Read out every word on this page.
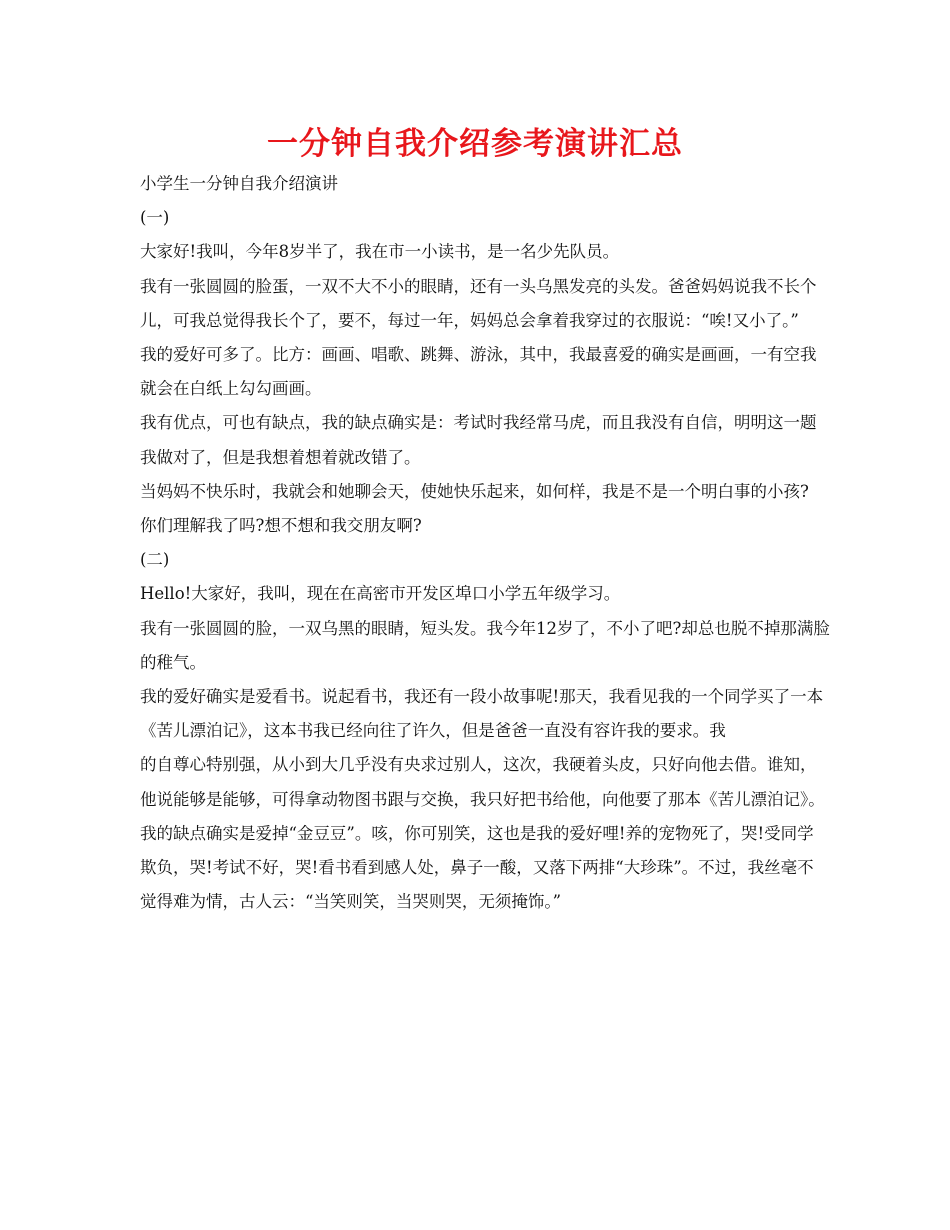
一分钟自我介绍参考演讲汇总

小学生一分钟自我介绍演讲

(一)

大家好!我叫，今年8岁半了，我在市一小读书，是一名少先队员。

我有一张圆圆的脸蛋，一双不大不小的眼睛，还有一头乌黑发亮的头发。爸爸妈妈说我不长个儿，可我总觉得我长个了，要不，每过一年，妈妈总会拿着我穿过的衣服说：“唉!又小了。”

我的爱好可多了。比方：画画、唱歌、跳舞、游泳，其中，我最喜爱的确实是画画，一有空我就会在白纸上勾勾画画。

我有优点，可也有缺点，我的缺点确实是：考试时我经常马虎，而且我没有自信，明明这一题我做对了，但是我想着想着就改错了。

当妈妈不快乐时，我就会和她聊会天，使她快乐起来，如何样，我是不是一个明白事的小孩?

你们理解我了吗?想不想和我交朋友啊?

(二)

Hello!大家好，我叫，现在在高密市开发区埠口小学五年级学习。

我有一张圆圆的脸，一双乌黑的眼睛，短头发。我今年12岁了，不小了吧?却总也脱不掉那满脸的稚气。

我的爱好确实是爱看书。说起看书，我还有一段小故事呢!那天，我看见我的一个同学买了一本《苦儿漂泊记》，这本书我已经向往了许久，但是爸爸一直没有容许我的要求。我

的自尊心特别强，从小到大几乎没有央求过别人，这次，我硬着头皮，只好向他去借。谁知，他说能够是能够，可得拿动物图书跟与交换，我只好把书给他，向他要了那本《苦儿漂泊记》。

我的缺点确实是爱掉“金豆豆”。咳，你可别笑，这也是我的爱好哩!养的宠物死了，哭!受同学欺负，哭!考试不好，哭!看书看到感人处，鼻子一酸，又落下两排“大珍珠”。不过，我丝毫不觉得难为情，古人云：“当笑则笑，当哭则哭，无须掩饰。”
